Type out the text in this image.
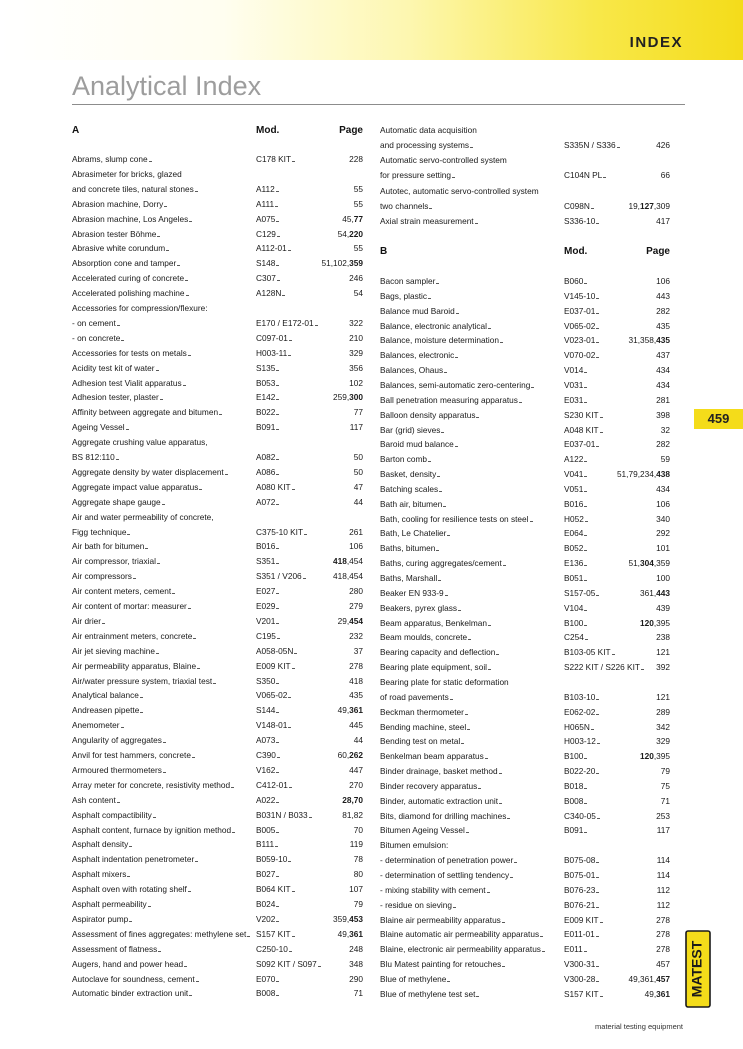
INDEX
Analytical Index
A	Mod.	Page
Abrams, slump cone	C178 KIT	228
Abrasimeter for bricks, glazed
and concrete tiles, natural stones	A112	55
Abrasion machine, Dorry	A111	55
Abrasion machine, Los Angeles	A075	45,77
Abrasion tester Böhme	C129	54,220
Abrasive white corundum	A112-01	55
Absorption cone and tamper	S148	51,102,359
Accelerated curing of concrete	C307	246
Accelerated polishing machine	A128N	54
Accessories for compression/flexure:
- on cement	E170 / E172-01	322
- on concrete	C097-01	210
Accessories for tests on metals	H003-11	329
Acidity test kit of water	S135	356
Adhesion test Vialit apparatus	B053	102
Adhesion tester, plaster	E142	259,300
Affinity between aggregate and bitumen	B022	77
Ageing Vessel	B091	117
Aggregate crushing value apparatus,
BS 812:110	A082	50
Aggregate density by water displacement	A086	50
Aggregate impact value apparatus	A080 KIT	47
Aggregate shape gauge	A072	44
Air and water permeability of concrete,
Figg technique	C375-10 KIT	261
Air bath for bitumen	B016	106
Air compressor, triaxial	S351	418,454
Air compressors	S351 / V206	418,454
Air content meters, cement	E027	280
Air content of mortar: measurer	E029	279
Air drier	V201	29,454
Air entrainment meters, concrete	C195	232
Air jet sieving machine	A058-05N	37
Air permeability apparatus, Blaine	E009 KIT	278
Air/water pressure system, triaxial test	S350	418
Analytical balance	V065-02	435
Andreasen pipette	S144	49,361
Anemometer	V148-01	445
Angularity of aggregates	A073	44
Anvil for test hammers, concrete	C390	60,262
Armoured thermometers	V162	447
Array meter for concrete, resistivity method	C412-01	270
Ash content	A022	28,70
Asphalt compactibility	B031N / B033	81,82
Asphalt content, furnace by ignition method	B005	70
Asphalt density	B111	119
Asphalt indentation penetrometer	B059-10	78
Asphalt mixers	B027	80
Asphalt oven with rotating shelf	B064 KIT	107
Asphalt permeability	B024	79
Aspirator pump	V202	359,453
Assessment of fines aggregates: methylene set S157 KIT	49,361
Assessment of flatness	C250-10	248
Augers, hand and power head	S092 KIT / S097	348
Autoclave for soundness, cement	E070	290
Automatic binder extraction unit	B008	71
Automatic data acquisition
and processing systems	S335N / S336	426
Automatic servo-controlled system
for pressure setting	C104N PL	66
Autotec, automatic servo-controlled system
two channels	C098N	19,127,309
Axial strain measurement	S336-10	417
B	Mod.	Page
Bacon sampler	B060	106
Bags, plastic	V145-10	443
Balance mud Baroid	E037-01	282
Balance, electronic analytical	V065-02	435
Balance, moisture determination	V023-01	31,358,435
Balances, electronic	V070-02	437
Balances, Ohaus	V014	434
Balances, semi-automatic zero-centering	V031	434
Ball penetration measuring apparatus	E031	281
Balloon density apparatus	S230 KIT	398
Bar (grid) sieves	A048 KIT	32
Baroid mud balance	E037-01	282
Barton comb	A122	59
Basket, density	V041	51,79,234,438
Batching scales	V051	434
Bath air, bitumen	B016	106
Bath, cooling for resilience tests on steel	H052	340
Bath, Le Chatelier	E064	292
Baths, bitumen	B052	101
Baths, curing aggregates/cement	E136	51,304,359
Baths, Marshall	B051	100
Beaker EN 933-9	S157-05	361,443
Beakers, pyrex glass	V104	439
Beam apparatus, Benkelman	B100	120,395
Beam moulds, concrete	C254	238
Bearing capacity and deflection	B103-05 KIT	121
Bearing plate equipment, soil	S222 KIT / S226 KIT 392
Bearing plate for static deformation
of road pavements	B103-10	121
Beckman thermometer	E062-02	289
Bending machine, steel	H065N	342
Bending test on metal	H003-12	329
Benkelman beam apparatus	B100	120,395
Binder drainage, basket method	B022-20	79
Binder recovery apparatus	B018	75
Binder, automatic extraction unit	B008	71
Bits, diamond for drilling machines	C340-05	253
Bitumen Ageing Vessel	B091	117
Bitumen emulsion:
- determination of penetration power	B075-08	114
- determination of settling tendency	B075-01	114
- mixing stability with cement	B076-23	112
- residue on sieving	B076-21	112
Blaine air permeability apparatus	E009 KIT	278
Blaine automatic air permeability apparatus	E011-01	278
Blaine, electronic air permeability apparatus	E011	278
Blu Matest painting for retouches	V300-31	457
Blue of methylene	V300-28	49,361,457
Blue of methylene test set	S157 KIT	49,361
459
MATEST
material testing equipment
